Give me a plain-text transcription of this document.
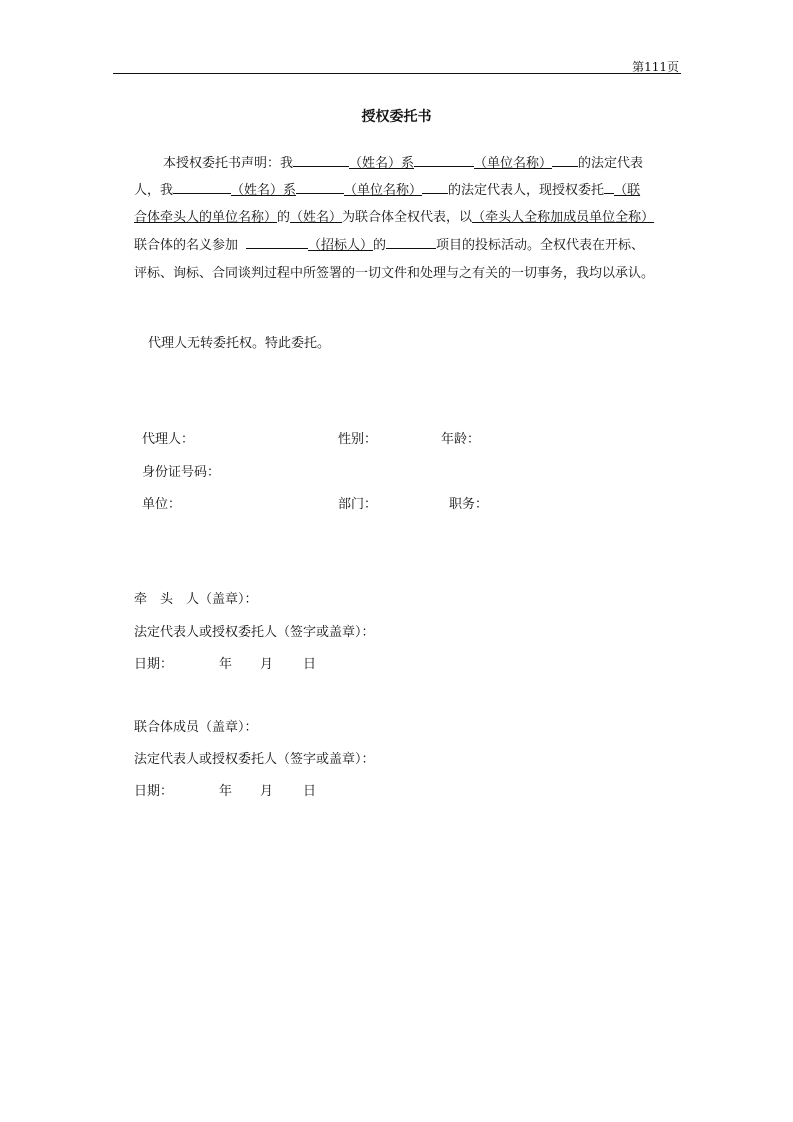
第111页
授权委托书
本授权委托书声明：我	（姓名）系	（单位名称） 的法定代表
人，我	（姓名）系	（单位名称） 的法定代表人，现授权委托 （联
合体牵头人的单位名称）的（姓名）为联合体全权代表，以（牵头人全称加成员单位全称）
联合体的名义参加	（招标人）的	项目的投标活动。全权代表在开标、
评标、询标、合同谈判过程中所签署的一切文件和处理与之有关的一切事务，我均以承认。
代理人无转委托权。特此委托。
代理人：	性别：	年龄：
身份证号码：
单位：	部门：	职务：
牵　头　人（盖章）：
法定代表人或授权委托人（签字或盖章）：
日期：	年 月 日
联合体成员（盖章）：
法定代表人或授权委托人（签字或盖章）：
日期：	年 月 日
